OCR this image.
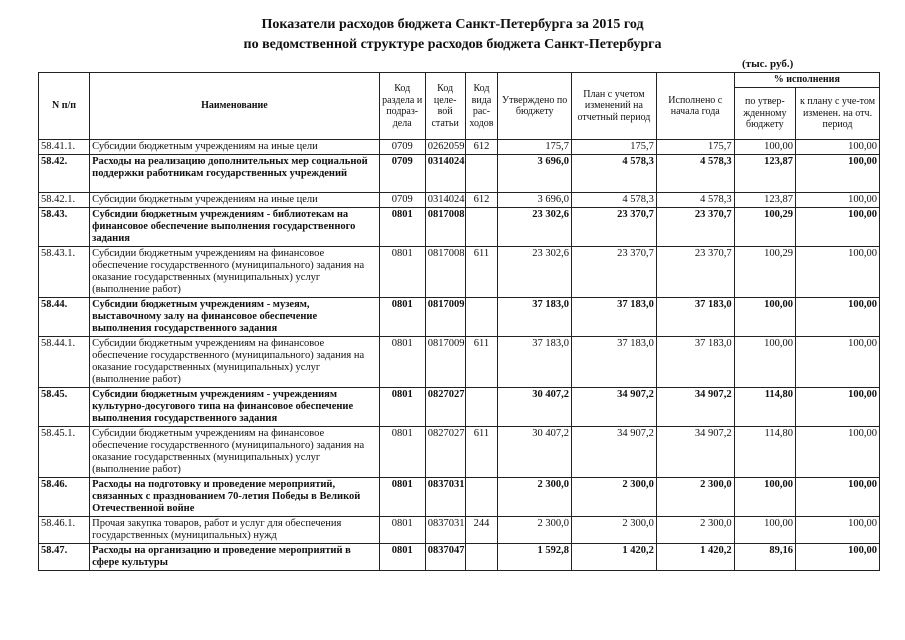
Показатели расходов бюджета Санкт-Петербурга за 2015 год
по ведомственной структуре расходов бюджета Санкт-Петербурга
(тыс. руб.)
N п/п	Наименование	Код раздела и подраз-дела	Код целе-вой статьи	Код вида рас-ходов	Утверждено по бюджету	План с учетом изменений на отчетный период	Исполнено с начала года	% исполнения	
								по утвер-жденному бюджету	к плану с уче-том изменен. на отч. период
58.41.1.	Субсидии бюджетным учреждениям на иные цели	0709	0262059	612	175,7	175,7	175,7	100,00	100,00
58.42.	Расходы на реализацию дополнительных мер социальной поддержки работникам государственных учреждений	0709	0314024		3 696,0	4 578,3	4 578,3	123,87	100,00
58.42.1.	Субсидии бюджетным учреждениям на иные цели	0709	0314024	612	3 696,0	4 578,3	4 578,3	123,87	100,00
58.43.	Субсидии бюджетным учреждениям - библиотекам на финансовое обеспечение выполнения государственного задания	0801	0817008		23 302,6	23 370,7	23 370,7	100,29	100,00
58.43.1.	Субсидии бюджетным учреждениям на финансовое обеспечение государственного (муниципального) задания на оказание государственных (муниципальных) услуг (выполнение работ)	0801	0817008	611	23 302,6	23 370,7	23 370,7	100,29	100,00
58.44.	Субсидии бюджетным учреждениям - музеям, выставочному залу на финансовое обеспечение выполнения государственного задания	0801	0817009		37 183,0	37 183,0	37 183,0	100,00	100,00
58.44.1.	Субсидии бюджетным учреждениям на финансовое обеспечение государственного (муниципального) задания на оказание государственных (муниципальных) услуг (выполнение работ)	0801	0817009	611	37 183,0	37 183,0	37 183,0	100,00	100,00
58.45.	Субсидии бюджетным учреждениям - учреждениям культурно-досугового типа на финансовое обеспечение выполнения государственного задания	0801	0827027		30 407,2	34 907,2	34 907,2	114,80	100,00
58.45.1.	Субсидии бюджетным учреждениям на финансовое обеспечение государственного (муниципального) задания на оказание государственных (муниципальных) услуг (выполнение работ)	0801	0827027	611	30 407,2	34 907,2	34 907,2	114,80	100,00
58.46.	Расходы на подготовку и проведение мероприятий, связанных с празднованием 70-летия Победы в Великой Отечественной войне	0801	0837031		2 300,0	2 300,0	2 300,0	100,00	100,00
58.46.1.	Прочая закупка товаров, работ и услуг для обеспечения государственных (муниципальных) нужд	0801	0837031	244	2 300,0	2 300,0	2 300,0	100,00	100,00
58.47.	Расходы на организацию и проведение мероприятий в сфере культуры	0801	0837047		1 592,8	1 420,2	1 420,2	89,16	100,00
